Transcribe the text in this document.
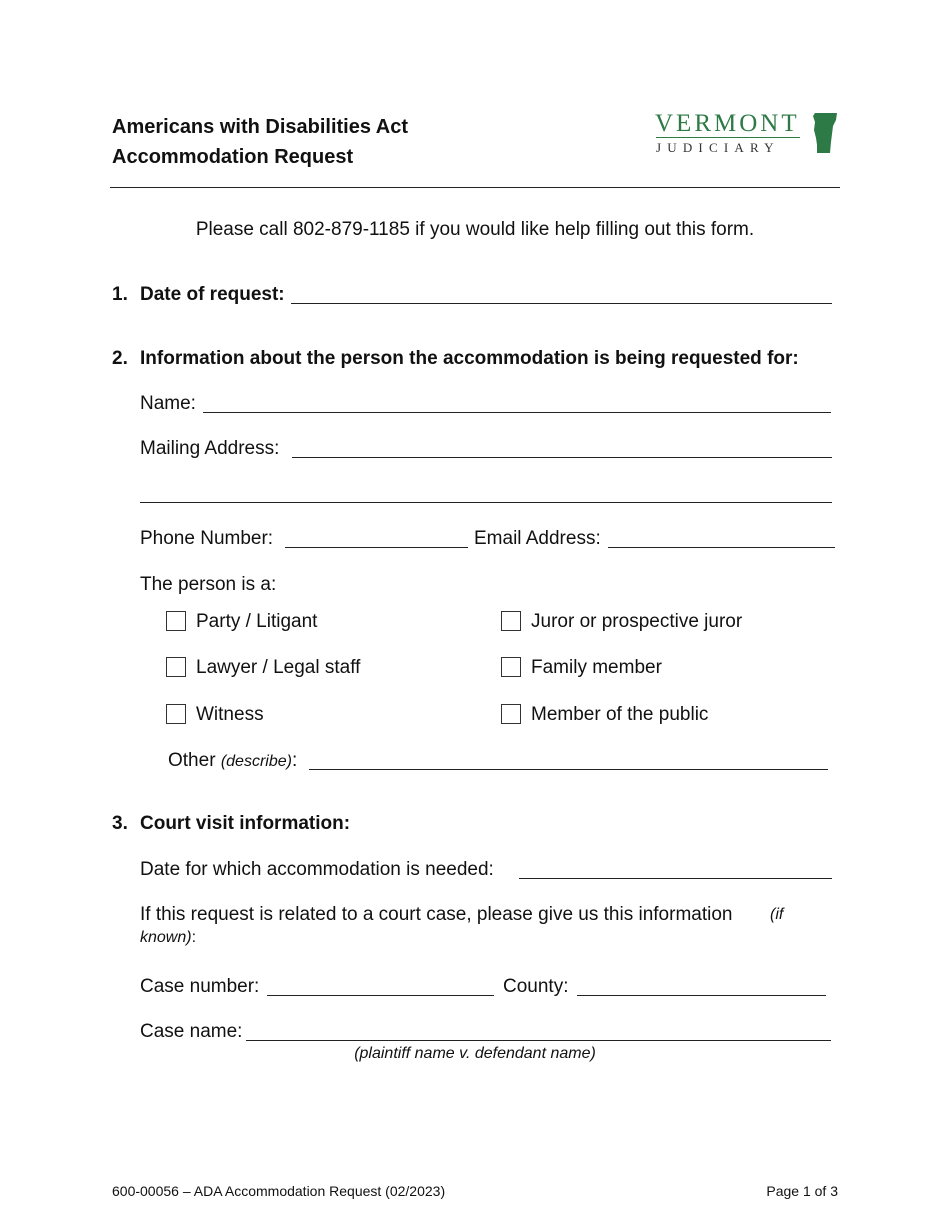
Americans with Disabilities Act
Accommodation Request
VERMONT
JUDICIARY
Please call 802-879-1185 if you would like help filling out this form.
1. Date of request:
2. Information about the person the accommodation is being requested for:
Name:
Mailing Address:
Phone Number:	Email Address:
The person is a:
Party / Litigant	Juror or prospective juror
Lawyer / Legal staff	Family member
Witness	Member of the public
Other (describe):
3. Court visit information:
Date for which accommodation is needed:
If this request is related to a court case, please give us this information (if
known):
Case number:	County:
Case name:
(plaintiff name v. defendant name)
600-00056 – ADA Accommodation Request (02/2023)	Page 1 of 3
